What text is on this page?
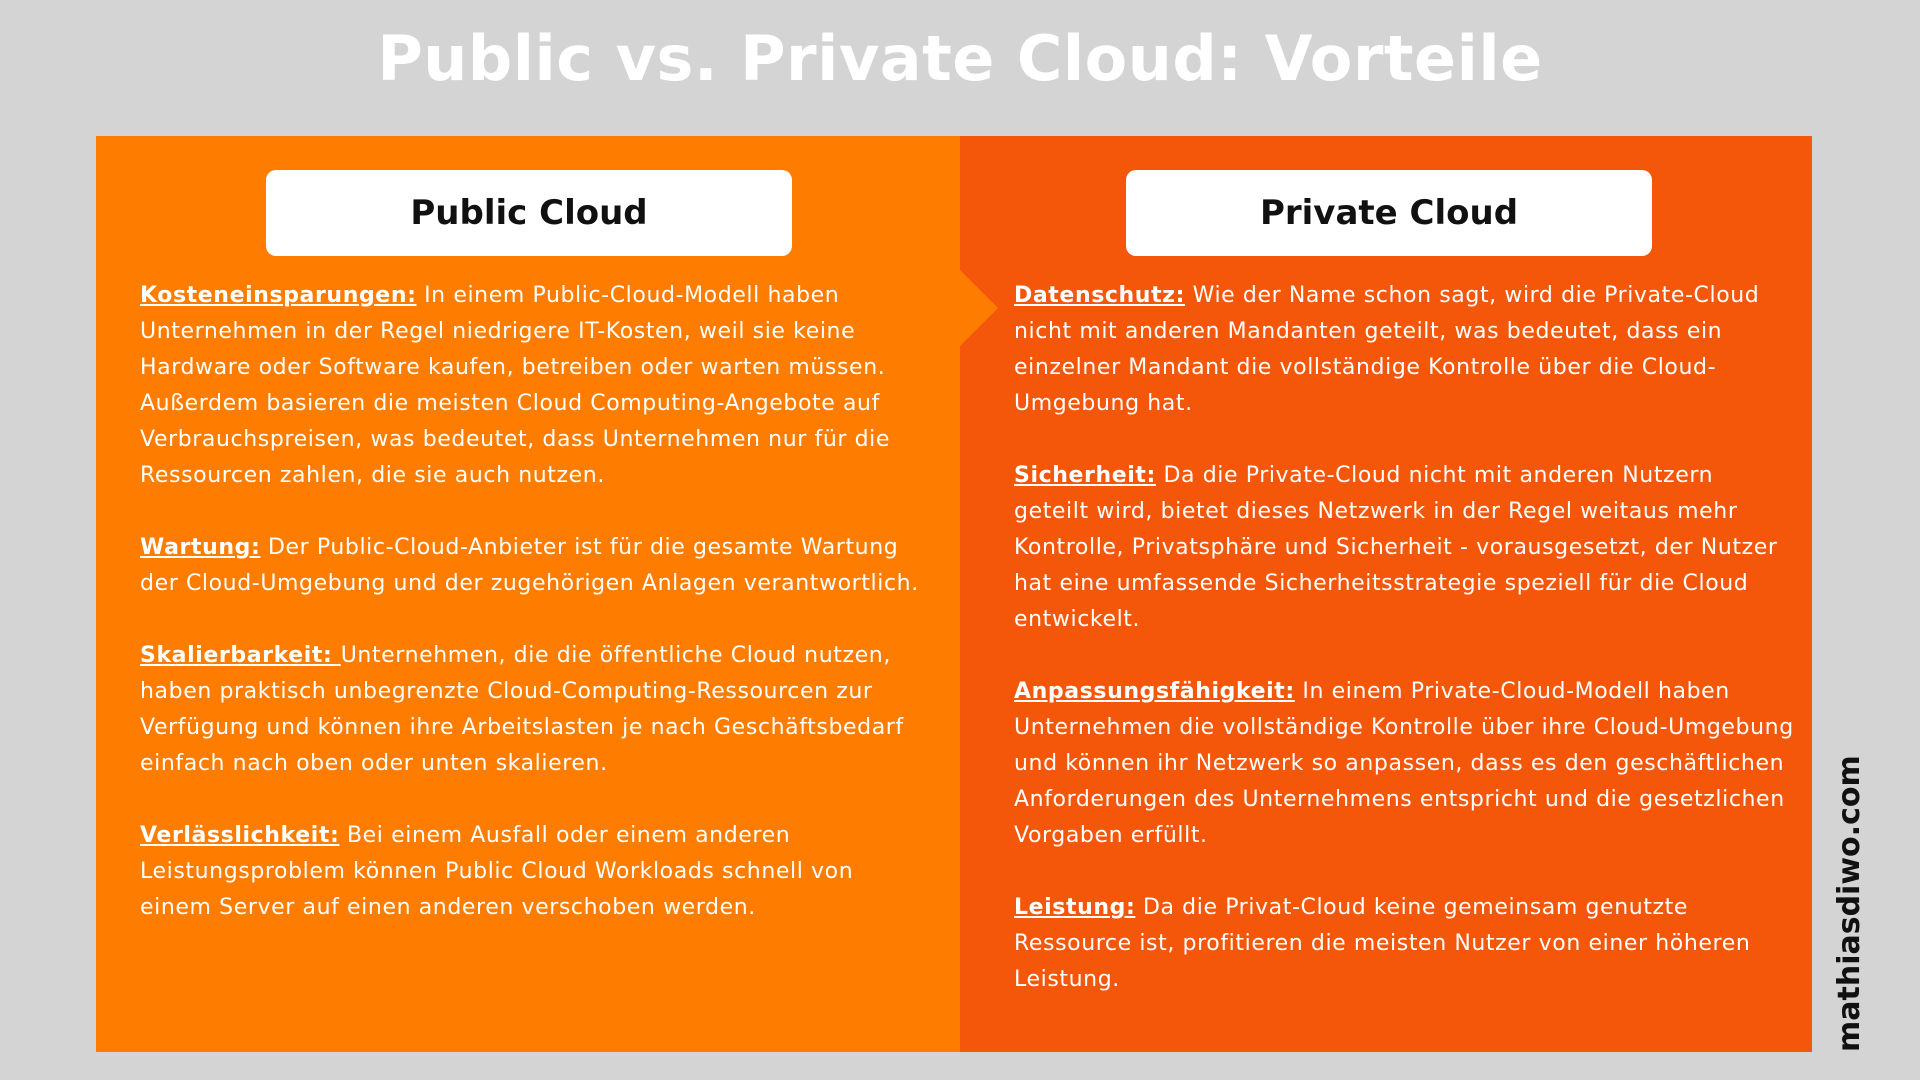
Public vs. Private Cloud: Vorteile
Public Cloud

Kosteneinsparungen: In einem Public-Cloud-Modell haben Unternehmen in der Regel niedrigere IT-Kosten, weil sie keine Hardware oder Software kaufen, betreiben oder warten müssen. Außerdem basieren die meisten Cloud Computing-Angebote auf Verbrauchspreisen, was bedeutet, dass Unternehmen nur für die Ressourcen zahlen, die sie auch nutzen.

Wartung: Der Public-Cloud-Anbieter ist für die gesamte Wartung der Cloud-Umgebung und der zugehörigen Anlagen verantwortlich.

Skalierbarkeit: Unternehmen, die die öffentliche Cloud nutzen, haben praktisch unbegrenzte Cloud-Computing-Ressourcen zur Verfügung und können ihre Arbeitslasten je nach Geschäftsbedarf einfach nach oben oder unten skalieren.

Verlässlichkeit: Bei einem Ausfall oder einem anderen Leistungsproblem können Public Cloud Workloads schnell von einem Server auf einen anderen verschoben werden.

Private Cloud

Datenschutz: Wie der Name schon sagt, wird die Private-Cloud nicht mit anderen Mandanten geteilt, was bedeutet, dass ein einzelner Mandant die vollständige Kontrolle über die Cloud-Umgebung hat.

Sicherheit: Da die Private-Cloud nicht mit anderen Nutzern geteilt wird, bietet dieses Netzwerk in der Regel weitaus mehr Kontrolle, Privatsphäre und Sicherheit - vorausgesetzt, der Nutzer hat eine umfassende Sicherheitsstrategie speziell für die Cloud entwickelt.

Anpassungsfähigkeit: In einem Private-Cloud-Modell haben Unternehmen die vollständige Kontrolle über ihre Cloud-Umgebung und können ihr Netzwerk so anpassen, dass es den geschäftlichen Anforderungen des Unternehmens entspricht und die gesetzlichen Vorgaben erfüllt.

Leistung: Da die Privat-Cloud keine gemeinsam genutzte Ressource ist, profitieren die meisten Nutzer von einer höheren Leistung.	mathiasdiwo.com
